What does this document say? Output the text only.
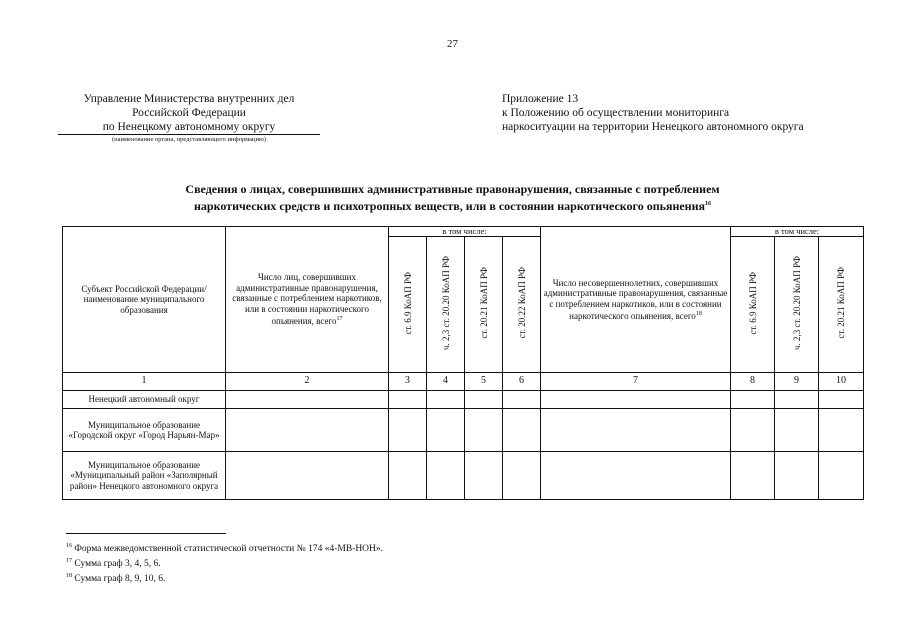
27
Управление Министерства внутренних дел
Российской Федерации
по Ненецкому автономному округу
(наименование органа, представляющего информацию)
Приложение 13
к Положению об осуществлении мониторинга
наркоситуации на территории Ненецкого автономного округа
Сведения о лицах, совершивших административные правонарушения, связанные с потреблением
наркотических средств и психотропных веществ, или в состоянии наркотического опьянения$^{16}$
Субъект Российской Федерации/наименование муниципального образования	Число лиц, совершивших административные правонарушения, связанные с потреблением наркотиков, или в состоянии наркотического опьянения, всего$^{17}$	в том числе:				Число несовершеннолетних, совершивших административные правонарушения, связанные с потреблением наркотиков, или в состоянии наркотического опьянения, всего$^{18}$	в том числе:		
		ст. 6.9 КоАП РФ	ч. 2,3 ст. 20.20 КоАП РФ	ст. 20.21 КоАП РФ	ст. 20.22 КоАП РФ		ст. 6.9 КоАП РФ	ч. 2,3 ст. 20.20 КоАП РФ	ст. 20.21 КоАП РФ
1	2	3	4	5	6	7	8	9	10
Ненецкий автономный округ									
Муниципальное образование «Городской округ «Город Нарьян-Мар»									
Муниципальное образование «Муниципальный район «Заполярный район» Ненецкого автономного округа									
$^{16}$ Форма межведомственной статистической отчетности № 174 «4-МВ-НОН».
$^{17}$ Сумма граф 3, 4, 5, 6.
$^{18}$ Сумма граф 8, 9, 10, 6.
